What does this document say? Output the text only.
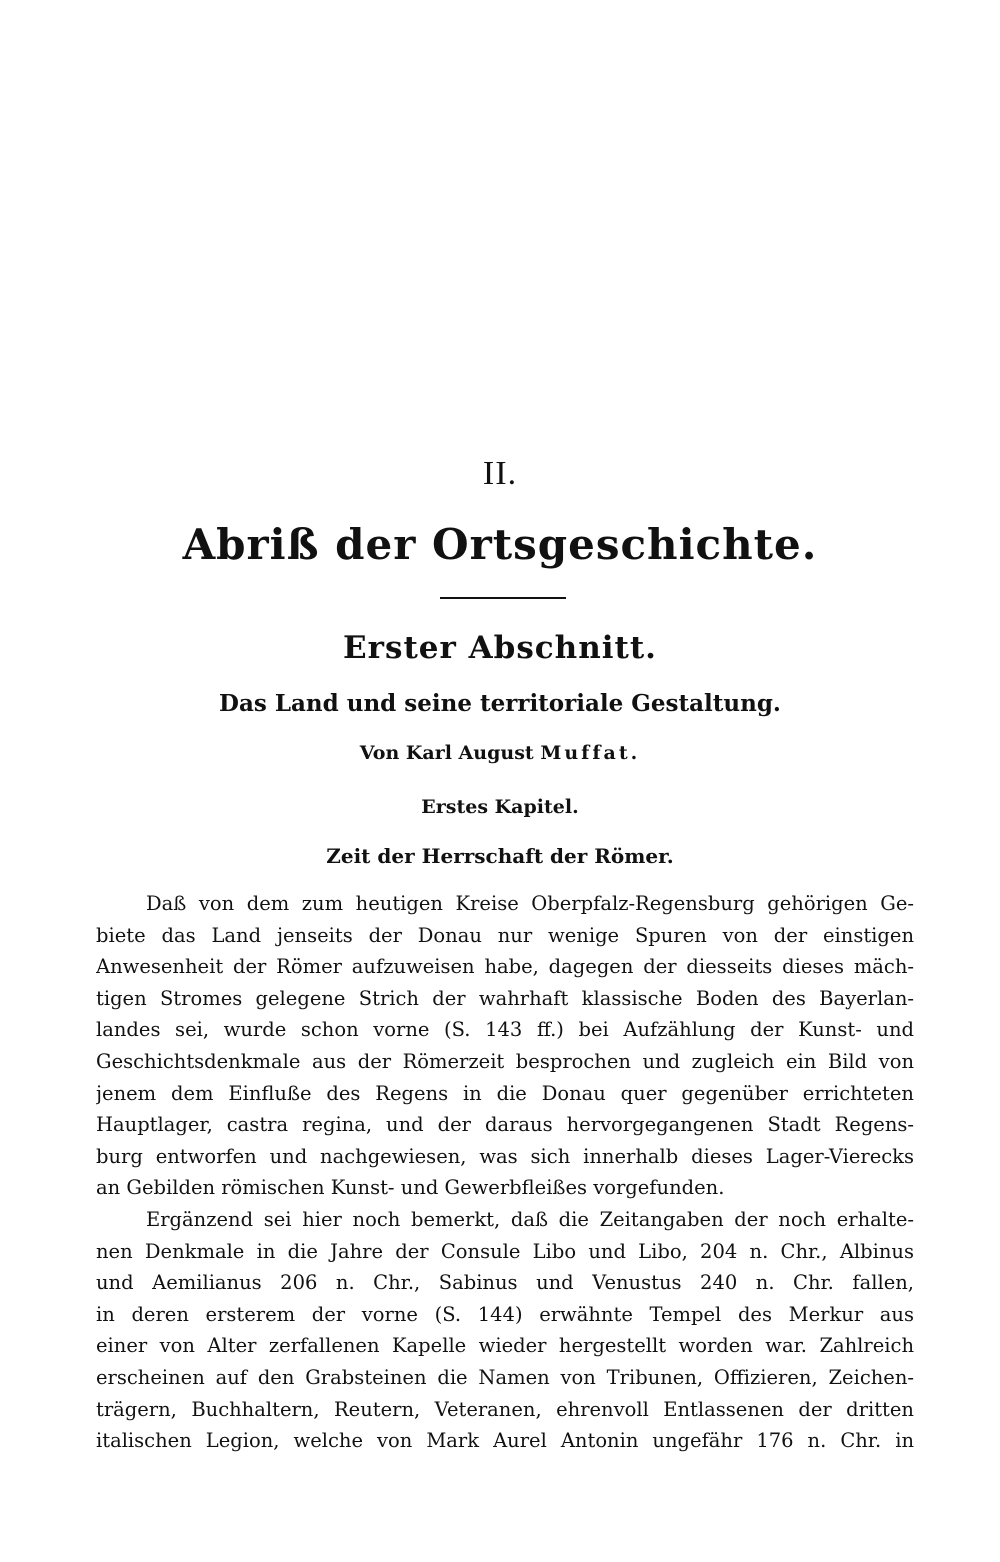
II.
Abriß der Ortsgeschichte.
Erster Abschnitt.
Das Land und seine territoriale Gestaltung.
Von Karl August Muffat.
Erstes Kapitel.
Zeit der Herrschaft der Römer.
Daß von dem zum heutigen Kreise Oberpfalz-Regensburg gehörigen Ge-
biete das Land jenseits der Donau nur wenige Spuren von der einstigen
Anwesenheit der Römer aufzuweisen habe, dagegen der diesseits dieses mäch-
tigen Stromes gelegene Strich der wahrhaft klassische Boden des Bayerlan-
landes sei, wurde schon vorne (S. 143 ff.) bei Aufzählung der Kunst- und
Geschichtsdenkmale aus der Römerzeit besprochen und zugleich ein Bild von
jenem dem Einfluße des Regens in die Donau quer gegenüber errichteten
Hauptlager, castra regina, und der daraus hervorgegangenen Stadt Regens-
burg entworfen und nachgewiesen, was sich innerhalb dieses Lager-Vierecks
an Gebilden römischen Kunst- und Gewerbfleißes vorgefunden.
Ergänzend sei hier noch bemerkt, daß die Zeitangaben der noch erhalte-
nen Denkmale in die Jahre der Consule Libo und Libo, 204 n. Chr., Albinus
und Aemilianus 206 n. Chr., Sabinus und Venustus 240 n. Chr. fallen,
in deren ersterem der vorne (S. 144) erwähnte Tempel des Merkur aus
einer von Alter zerfallenen Kapelle wieder hergestellt worden war. Zahlreich
erscheinen auf den Grabsteinen die Namen von Tribunen, Offizieren, Zeichen-
trägern, Buchhaltern, Reutern, Veteranen, ehrenvoll Entlassenen der dritten
italischen Legion, welche von Mark Aurel Antonin ungefähr 176 n. Chr. in
